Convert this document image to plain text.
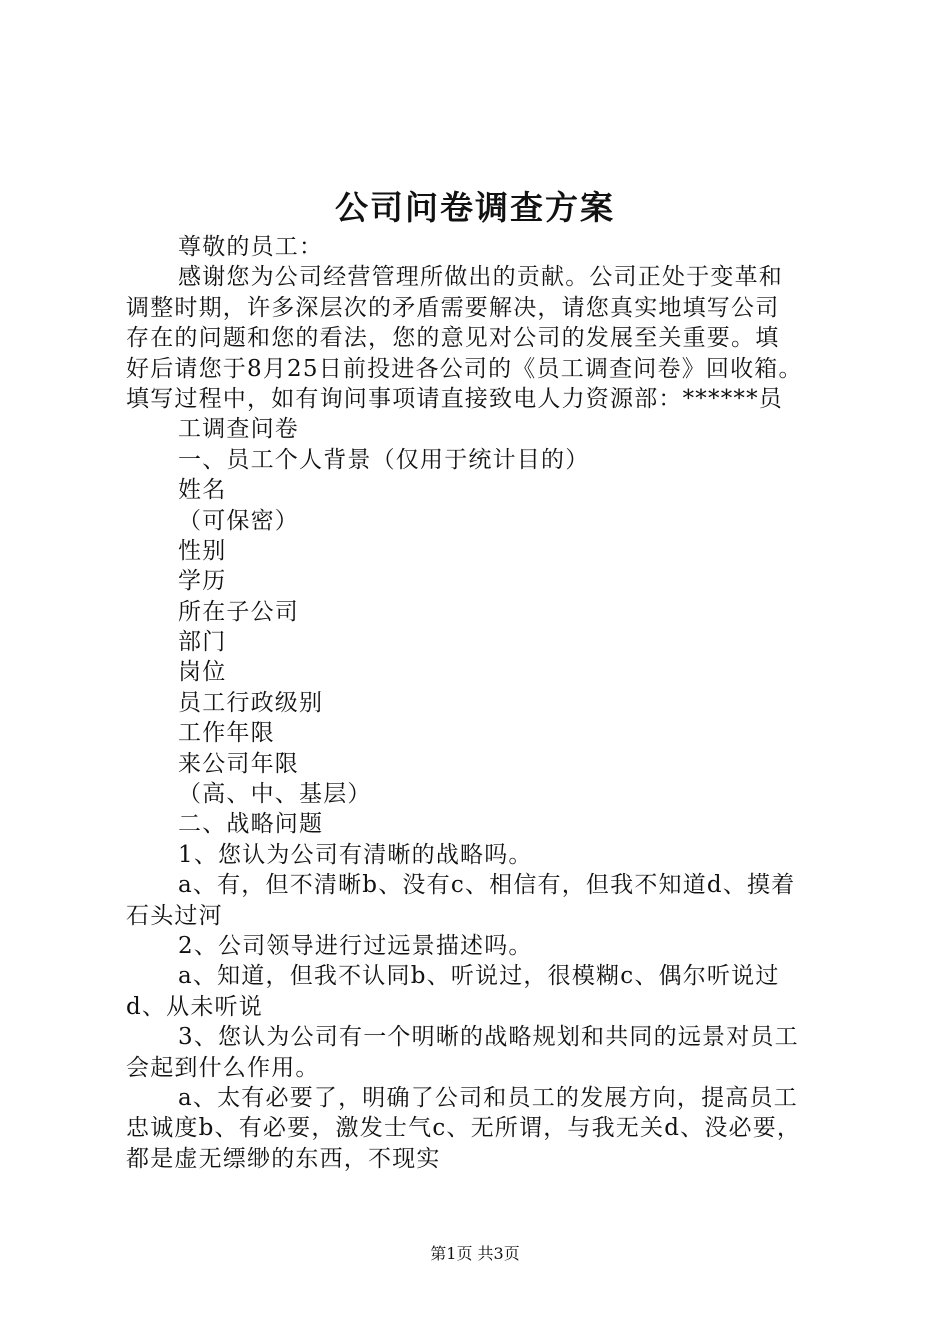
公司问卷调查方案
尊敬的员工：
感谢您为公司经营管理所做出的贡献。公司正处于变革和
调整时期，许多深层次的矛盾需要解决，请您真实地填写公司
存在的问题和您的看法，您的意见对公司的发展至关重要。填
好后请您于8月25日前投进各公司的《员工调查问卷》回收箱。
填写过程中，如有询问事项请直接致电人力资源部：******员
工调查问卷
一、员工个人背景（仅用于统计目的）
姓名
（可保密）
性别
学历
所在子公司
部门
岗位
员工行政级别
工作年限
来公司年限
（高、中、基层）
二、战略问题
1、您认为公司有清晰的战略吗。
a、有，但不清晰b、没有c、相信有，但我不知道d、摸着
石头过河
2、公司领导进行过远景描述吗。
a、知道，但我不认同b、听说过，很模糊c、偶尔听说过
d、从未听说
3、您认为公司有一个明晰的战略规划和共同的远景对员工
会起到什么作用。
a、太有必要了，明确了公司和员工的发展方向，提高员工
忠诚度b、有必要，激发士气c、无所谓，与我无关d、没必要，
都是虚无缥缈的东西，不现实
第1页 共3页
